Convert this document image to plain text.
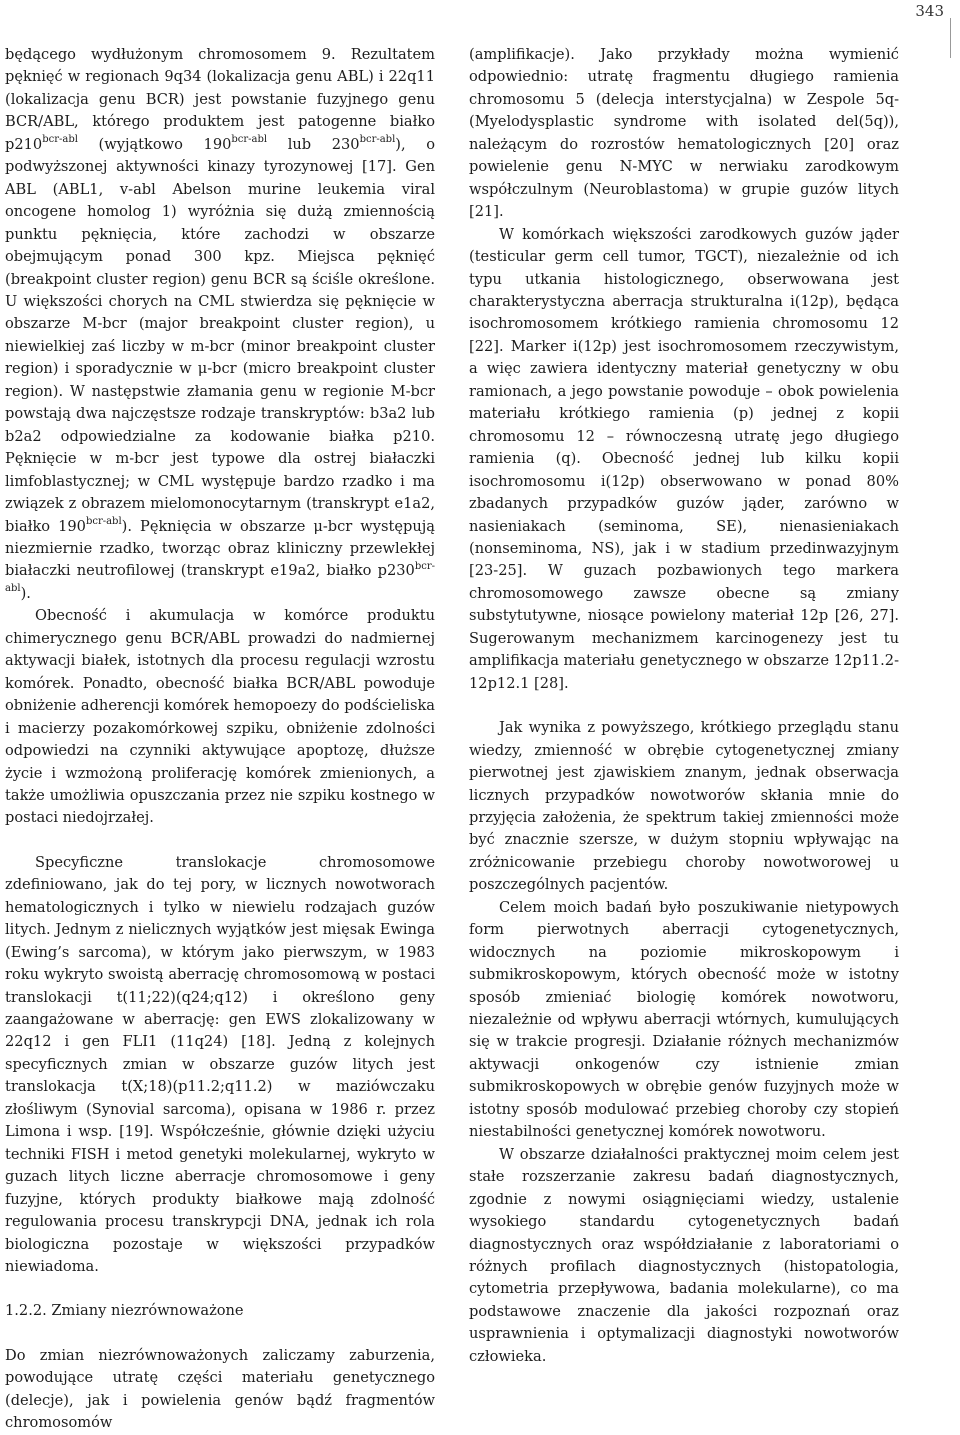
343

będącego wydłużonym chromosomem 9. Rezultatem pęknięć w regionach 9q34 (lokalizacja genu ABL) i 22q11 (lokalizacja genu BCR) jest powstanie fuzyjnego genu BCR/ABL, którego produktem jest patogenne białko $p210^{bcr-abl}$ (wyjątkowo $190^{bcr-abl}$ lub $230^{bcr-abl}$), o podwyższonej aktywności kinazy tyrozynowej [17]. Gen ABL (ABL1, v-abl Abelson murine leukemia viral oncogene homolog 1) wyróżnia się dużą zmiennością punktu pęknięcia, które zachodzi w obszarze obejmującym ponad 300 kpz. Miejsca pęknięć (breakpoint cluster region) genu BCR są ściśle określone. U większości chorych na CML stwierdza się pęknięcie w obszarze M-bcr (major breakpoint cluster region), u niewielkiej zaś liczby w m-bcr (minor breakpoint cluster region) i sporadycznie w μ-bcr (micro breakpoint cluster region). W następstwie złamania genu w regionie M-bcr powstają dwa najczęstsze rodzaje transkryptów: b3a2 lub b2a2 odpowiedzialne za kodowanie białka p210. Pęknięcie w m-bcr jest typowe dla ostrej białaczki limfoblastycznej; w CML występuje bardzo rzadko i ma związek z obrazem mielomonocytarnym (transkrypt e1a2, białko $190^{bcr-abl}$). Pęknięcia w obszarze μ-bcr występują niezmiernie rzadko, tworząc obraz kliniczny przewlekłej białaczki neutrofilowej (transkrypt e19a2, białko $p230^{bcr-abl}$).

Obecność i akumulacja w komórce produktu chimerycznego genu BCR/ABL prowadzi do nadmiernej aktywacji białek, istotnych dla procesu regulacji wzrostu komórek. Ponadto, obecność białka BCR/ABL powoduje obniżenie adherencji komórek hemopoezy do podścieliska i macierzy pozakomórkowej szpiku, obniżenie zdolności odpowiedzi na czynniki aktywujące apoptozę, dłuższe życie i wzmożoną proliferację komórek zmienionych, a także umożliwia opuszczania przez nie szpiku kostnego w postaci niedojrzałej.

Specyficzne translokacje chromosomowe zdefiniowano, jak do tej pory, w licznych nowotworach hematologicznych i tylko w niewielu rodzajach guzów litych. Jednym z nielicznych wyjątków jest mięsak Ewinga (Ewing’s sarcoma), w którym jako pierwszym, w 1983 roku wykryto swoistą aberrację chromosomową w postaci translokacji t(11;22)(q24;q12) i określono geny zaangażowane w aberrację: gen EWS zlokalizowany w 22q12 i gen FLI1 (11q24) [18]. Jedną z kolejnych specyficznych zmian w obszarze guzów litych jest translokacja t(X;18)(p11.2;q11.2) w maziówczaku złośliwym (Synovial sarcoma), opisana w 1986 r. przez Limona i wsp. [19]. Współcześnie, głównie dzięki użyciu techniki FISH i metod genetyki molekularnej, wykryto w guzach litych liczne aberracje chromosomowe i geny fuzyjne, których produkty białkowe mają zdolność regulowania procesu transkrypcji DNA, jednak ich rola biologiczna pozostaje w większości przypadków niewiadoma.

1.2.2. Zmiany niezrównoważone

Do zmian niezrównoważonych zaliczamy zaburzenia, powodujące utratę części materiału genetycznego (delecje), jak i powielenia genów bądź fragmentów chromosomów

(amplifikacje). Jako przykłady można wymienić odpowiednio: utratę fragmentu długiego ramienia chromosomu 5 (delecja interstycjalna) w Zespole 5q- (Myelodysplastic syndrome with isolated del(5q)), należącym do rozrostów hematologicznych [20] oraz powielenie genu N-MYC w nerwiaku zarodkowym współczulnym (Neuroblastoma) w grupie guzów litych [21].

W komórkach większości zarodkowych guzów jąder (testicular germ cell tumor, TGCT), niezależnie od ich typu utkania histologicznego, obserwowana jest charakterystyczna aberracja strukturalna i(12p), będąca isochromosomem krótkiego ramienia chromosomu 12 [22]. Marker i(12p) jest isochromosomem rzeczywistym, a więc zawiera identyczny materiał genetyczny w obu ramionach, a jego powstanie powoduje – obok powielenia materiału krótkiego ramienia (p) jednej z kopii chromosomu 12 – równoczesną utratę jego długiego ramienia (q). Obecność jednej lub kilku kopii isochromosomu i(12p) obserwowano w ponad 80% zbadanych przypadków guzów jąder, zarówno w nasieniakach (seminoma, SE), nienasieniakach (nonseminoma, NS), jak i w stadium przedinwazyjnym [23-25]. W guzach pozbawionych tego markera chromosomowego zawsze obecne są zmiany substytutywne, niosące powielony materiał 12p [26, 27]. Sugerowanym mechanizmem karcinogenezy jest tu amplifikacja materiału genetycznego w obszarze 12p11.2-12p12.1 [28].

Jak wynika z powyższego, krótkiego przeglądu stanu wiedzy, zmienność w obrębie cytogenetycznej zmiany pierwotnej jest zjawiskiem znanym, jednak obserwacja licznych przypadków nowotworów skłania mnie do przyjęcia założenia, że spektrum takiej zmienności może być znacznie szersze, w dużym stopniu wpływając na zróżnicowanie przebiegu choroby nowotworowej u poszczególnych pacjentów.

Celem moich badań było poszukiwanie nietypowych form pierwotnych aberracji cytogenetycznych, widocznych na poziomie mikroskopowym i submikroskopowym, których obecność może w istotny sposób zmieniać biologię komórek nowotworu, niezależnie od wpływu aberracji wtórnych, kumulujących się w trakcie progresji. Działanie różnych mechanizmów aktywacji onkogenów czy istnienie zmian submikroskopowych w obrębie genów fuzyjnych może w istotny sposób modulować przebieg choroby czy stopień niestabilności genetycznej komórek nowotworu.

W obszarze działalności praktycznej moim celem jest stałe rozszerzanie zakresu badań diagnostycznych, zgodnie z nowymi osiągnięciami wiedzy, ustalenie wysokiego standardu cytogenetycznych badań diagnostycznych oraz współdziałanie z laboratoriami o różnych profilach diagnostycznych (histopatologia, cytometria przepływowa, badania molekularne), co ma podstawowe znaczenie dla jakości rozpoznań oraz usprawnienia i optymalizacji diagnostyki nowotworów człowieka.
